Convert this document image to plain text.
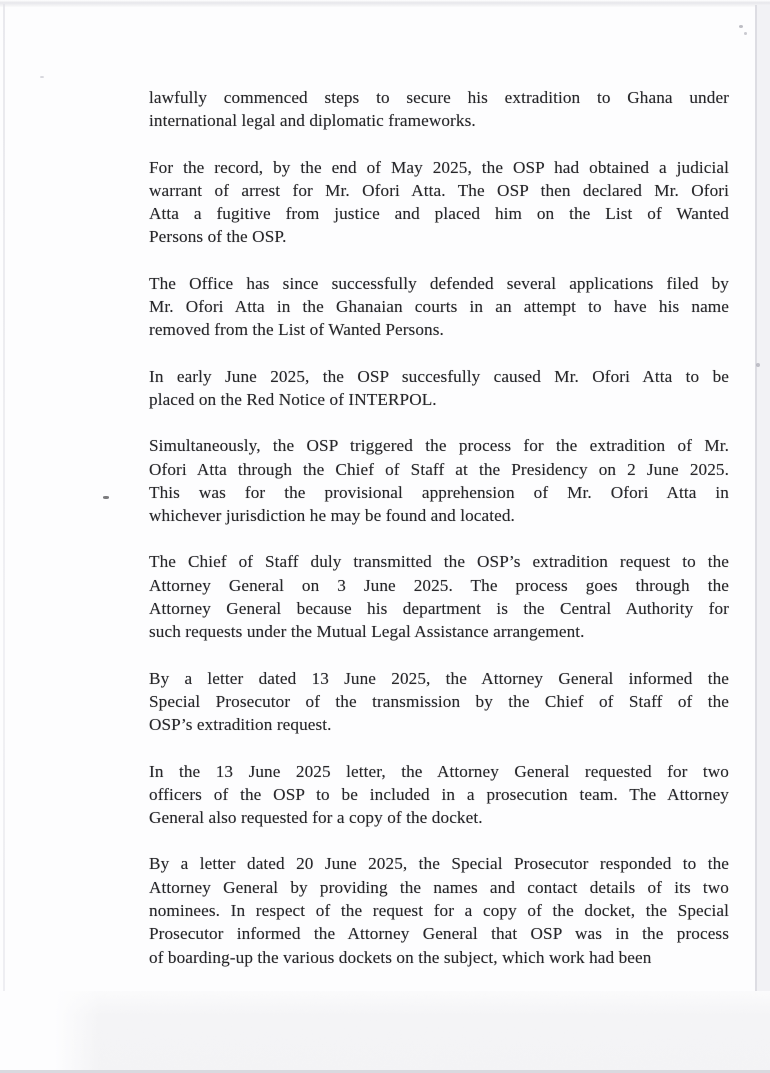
lawfully commenced steps to secure his extradition to Ghana under
international legal and diplomatic frameworks.
For the record, by the end of May 2025, the OSP had obtained a judicial
warrant of arrest for Mr. Ofori Atta. The OSP then declared Mr. Ofori
Atta a fugitive from justice and placed him on the List of Wanted
Persons of the OSP.
The Office has since successfully defended several applications filed by
Mr. Ofori Atta in the Ghanaian courts in an attempt to have his name
removed from the List of Wanted Persons.
In early June 2025, the OSP succesfully caused Mr. Ofori Atta to be
placed on the Red Notice of INTERPOL.
Simultaneously, the OSP triggered the process for the extradition of Mr.
Ofori Atta through the Chief of Staff at the Presidency on 2 June 2025.
This was for the provisional apprehension of Mr. Ofori Atta in
whichever jurisdiction he may be found and located.
The Chief of Staff duly transmitted the OSP’s extradition request to the
Attorney General on 3 June 2025. The process goes through the
Attorney General because his department is the Central Authority for
such requests under the Mutual Legal Assistance arrangement.
By a letter dated 13 June 2025, the Attorney General informed the
Special Prosecutor of the transmission by the Chief of Staff of the
OSP’s extradition request.
In the 13 June 2025 letter, the Attorney General requested for two
officers of the OSP to be included in a prosecution team. The Attorney
General also requested for a copy of the docket.
By a letter dated 20 June 2025, the Special Prosecutor responded to the
Attorney General by providing the names and contact details of its two
nominees. In respect of the request for a copy of the docket, the Special
Prosecutor informed the Attorney General that OSP was in the process
of boarding-up the various dockets on the subject, which work had been
